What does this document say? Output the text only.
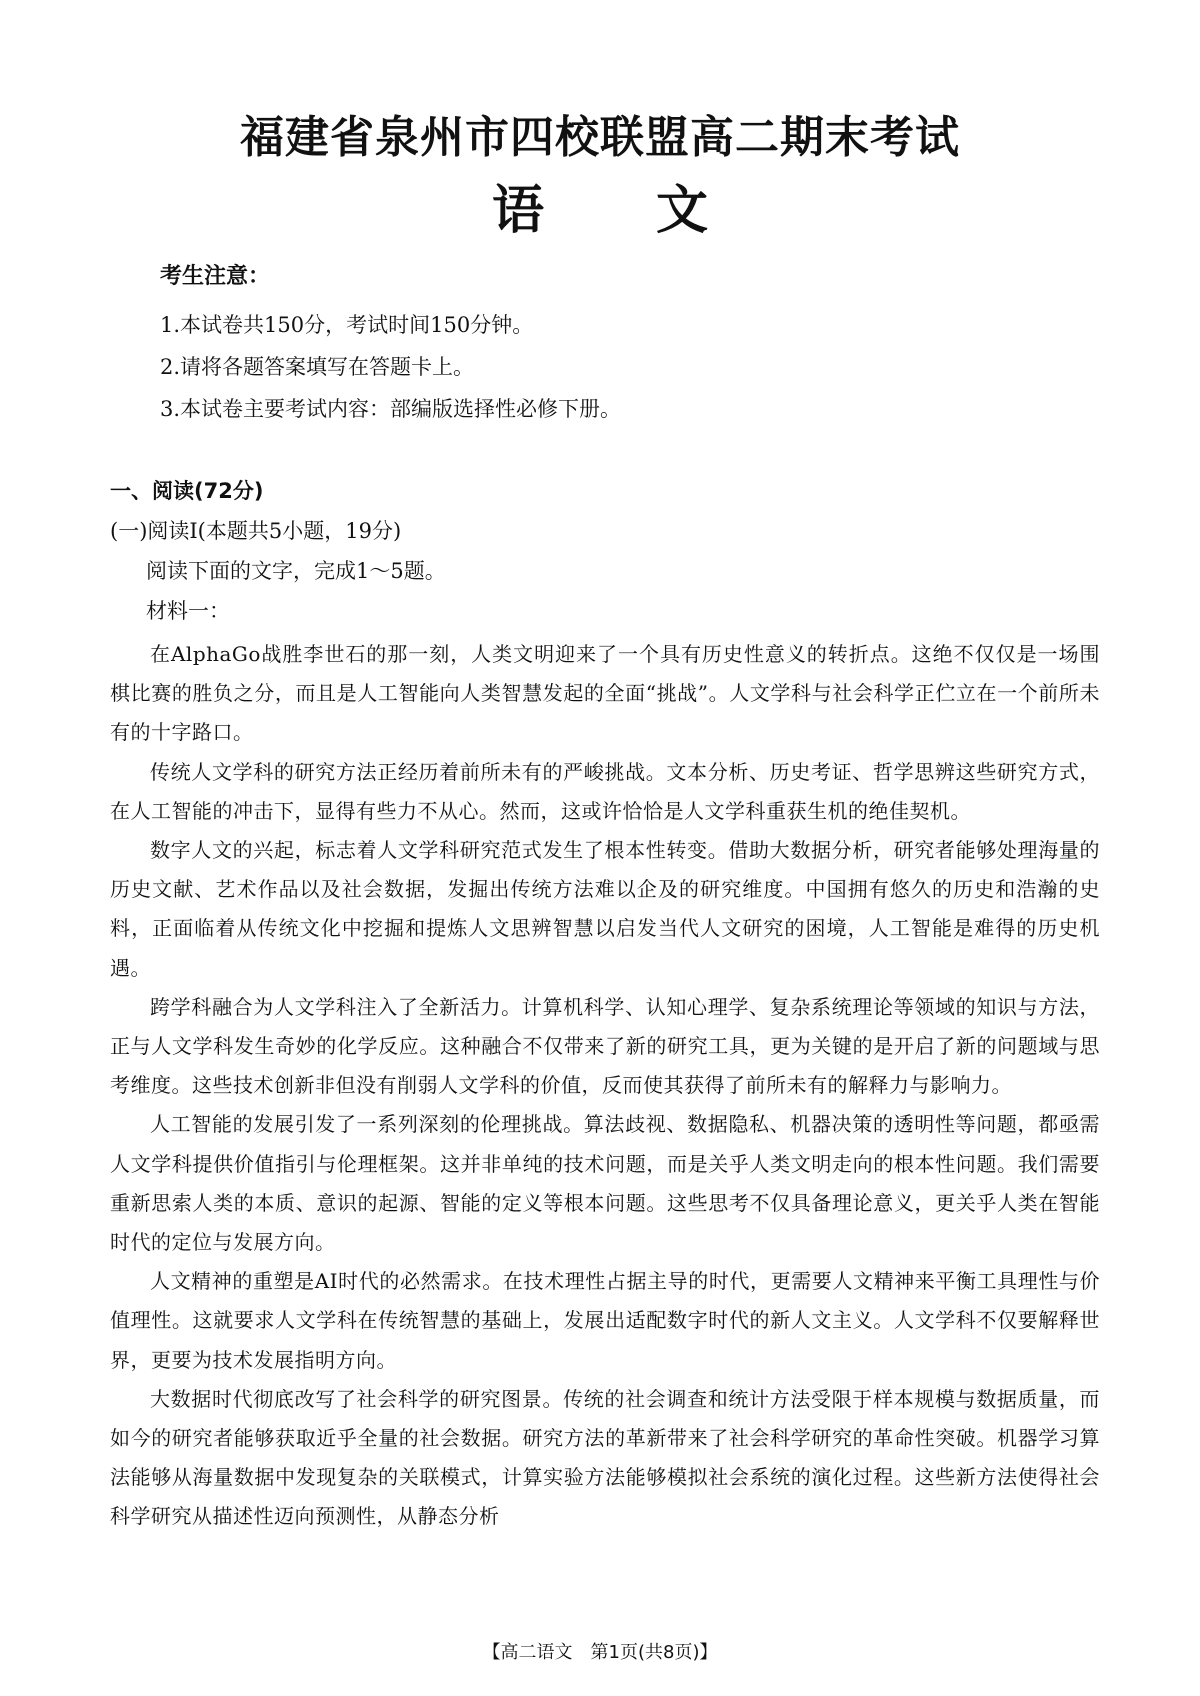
福建省泉州市四校联盟高二期末考试
语 文
考生注意：
1.本试卷共150分，考试时间150分钟。
2.请将各题答案填写在答题卡上。
3.本试卷主要考试内容：部编版选择性必修下册。
一、阅读(72分)
(一)阅读Ⅰ(本题共5小题，19分)
阅读下面的文字，完成1～5题。
材料一：

在AlphaGo战胜李世石的那一刻，人类文明迎来了一个具有历史性意义的转折点。这绝不仅仅是一场围棋比赛的胜负之分，而且是人工智能向人类智慧发起的全面“挑战”。人文学科与社会科学正伫立在一个前所未有的十字路口。

传统人文学科的研究方法正经历着前所未有的严峻挑战。文本分析、历史考证、哲学思辨这些研究方式，在人工智能的冲击下，显得有些力不从心。然而，这或许恰恰是人文学科重获生机的绝佳契机。

数字人文的兴起，标志着人文学科研究范式发生了根本性转变。借助大数据分析，研究者能够处理海量的历史文献、艺术作品以及社会数据，发掘出传统方法难以企及的研究维度。中国拥有悠久的历史和浩瀚的史料，正面临着从传统文化中挖掘和提炼人文思辨智慧以启发当代人文研究的困境，人工智能是难得的历史机遇。

跨学科融合为人文学科注入了全新活力。计算机科学、认知心理学、复杂系统理论等领域的知识与方法，正与人文学科发生奇妙的化学反应。这种融合不仅带来了新的研究工具，更为关键的是开启了新的问题域与思考维度。这些技术创新非但没有削弱人文学科的价值，反而使其获得了前所未有的解释力与影响力。

人工智能的发展引发了一系列深刻的伦理挑战。算法歧视、数据隐私、机器决策的透明性等问题，都亟需人文学科提供价值指引与伦理框架。这并非单纯的技术问题，而是关乎人类文明走向的根本性问题。我们需要重新思索人类的本质、意识的起源、智能的定义等根本问题。这些思考不仅具备理论意义，更关乎人类在智能时代的定位与发展方向。

人文精神的重塑是AI时代的必然需求。在技术理性占据主导的时代，更需要人文精神来平衡工具理性与价值理性。这就要求人文学科在传统智慧的基础上，发展出适配数字时代的新人文主义。人文学科不仅要解释世界，更要为技术发展指明方向。

大数据时代彻底改写了社会科学的研究图景。传统的社会调查和统计方法受限于样本规模与数据质量，而如今的研究者能够获取近乎全量的社会数据。研究方法的革新带来了社会科学研究的革命性突破。机器学习算法能够从海量数据中发现复杂的关联模式，计算实验方法能够模拟社会系统的演化过程。这些新方法使得社会科学研究从描述性迈向预测性，从静态分析

【高二语文　第1页(共8页)】
